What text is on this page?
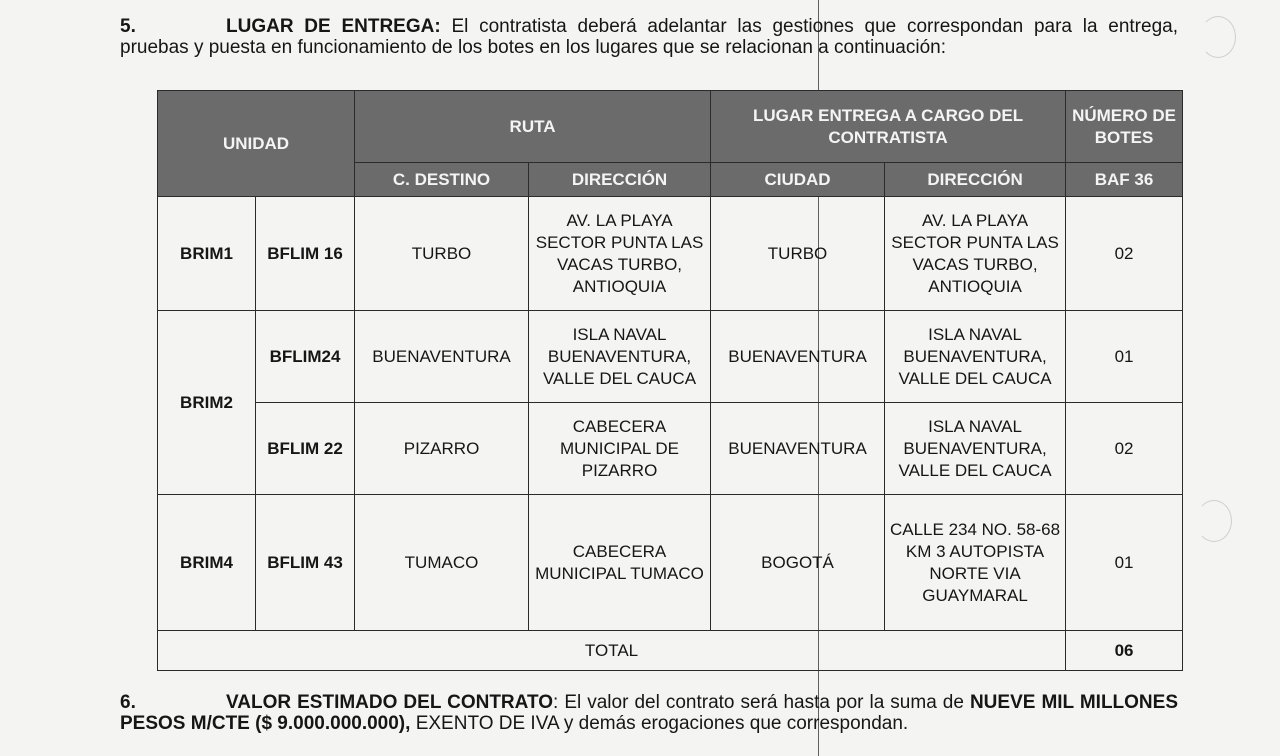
5.	LUGAR DE ENTREGA: El contratista deberá adelantar las gestiones que correspondan para la entrega, pruebas y puesta en funcionamiento de los botes en los lugares que se relacionan a continuación:
UNIDAD		RUTA		LUGAR ENTREGA A CARGO DEL CONTRATISTA		NÚMERO DE BOTES
		C. DESTINO	DIRECCIÓN	CIUDAD	DIRECCIÓN	BAF 36
BRIM1	BFLIM 16	TURBO	AV. LA PLAYA SECTOR PUNTA LAS VACAS TURBO, ANTIOQUIA	TURBO	AV. LA PLAYA SECTOR PUNTA LAS VACAS TURBO, ANTIOQUIA	02
BRIM2	BFLIM24	BUENAVENTURA	ISLA NAVAL BUENAVENTURA, VALLE DEL CAUCA	BUENAVENTURA	ISLA NAVAL BUENAVENTURA, VALLE DEL CAUCA	01
	BFLIM 22	PIZARRO	CABECERA MUNICIPAL DE PIZARRO	BUENAVENTURA	ISLA NAVAL BUENAVENTURA, VALLE DEL CAUCA	02
BRIM4	BFLIM 43	TUMACO	CABECERA MUNICIPAL TUMACO	BOGOTÁ	CALLE 234 NO. 58-68 KM 3 AUTOPISTA NORTE VIA GUAYMARAL	01
TOTAL						06
6.	VALOR ESTIMADO DEL CONTRATO: El valor del contrato será hasta por la suma de NUEVE MIL MILLONES PESOS M/CTE ($ 9.000.000.000), EXENTO DE IVA y demás erogaciones que correspondan.
